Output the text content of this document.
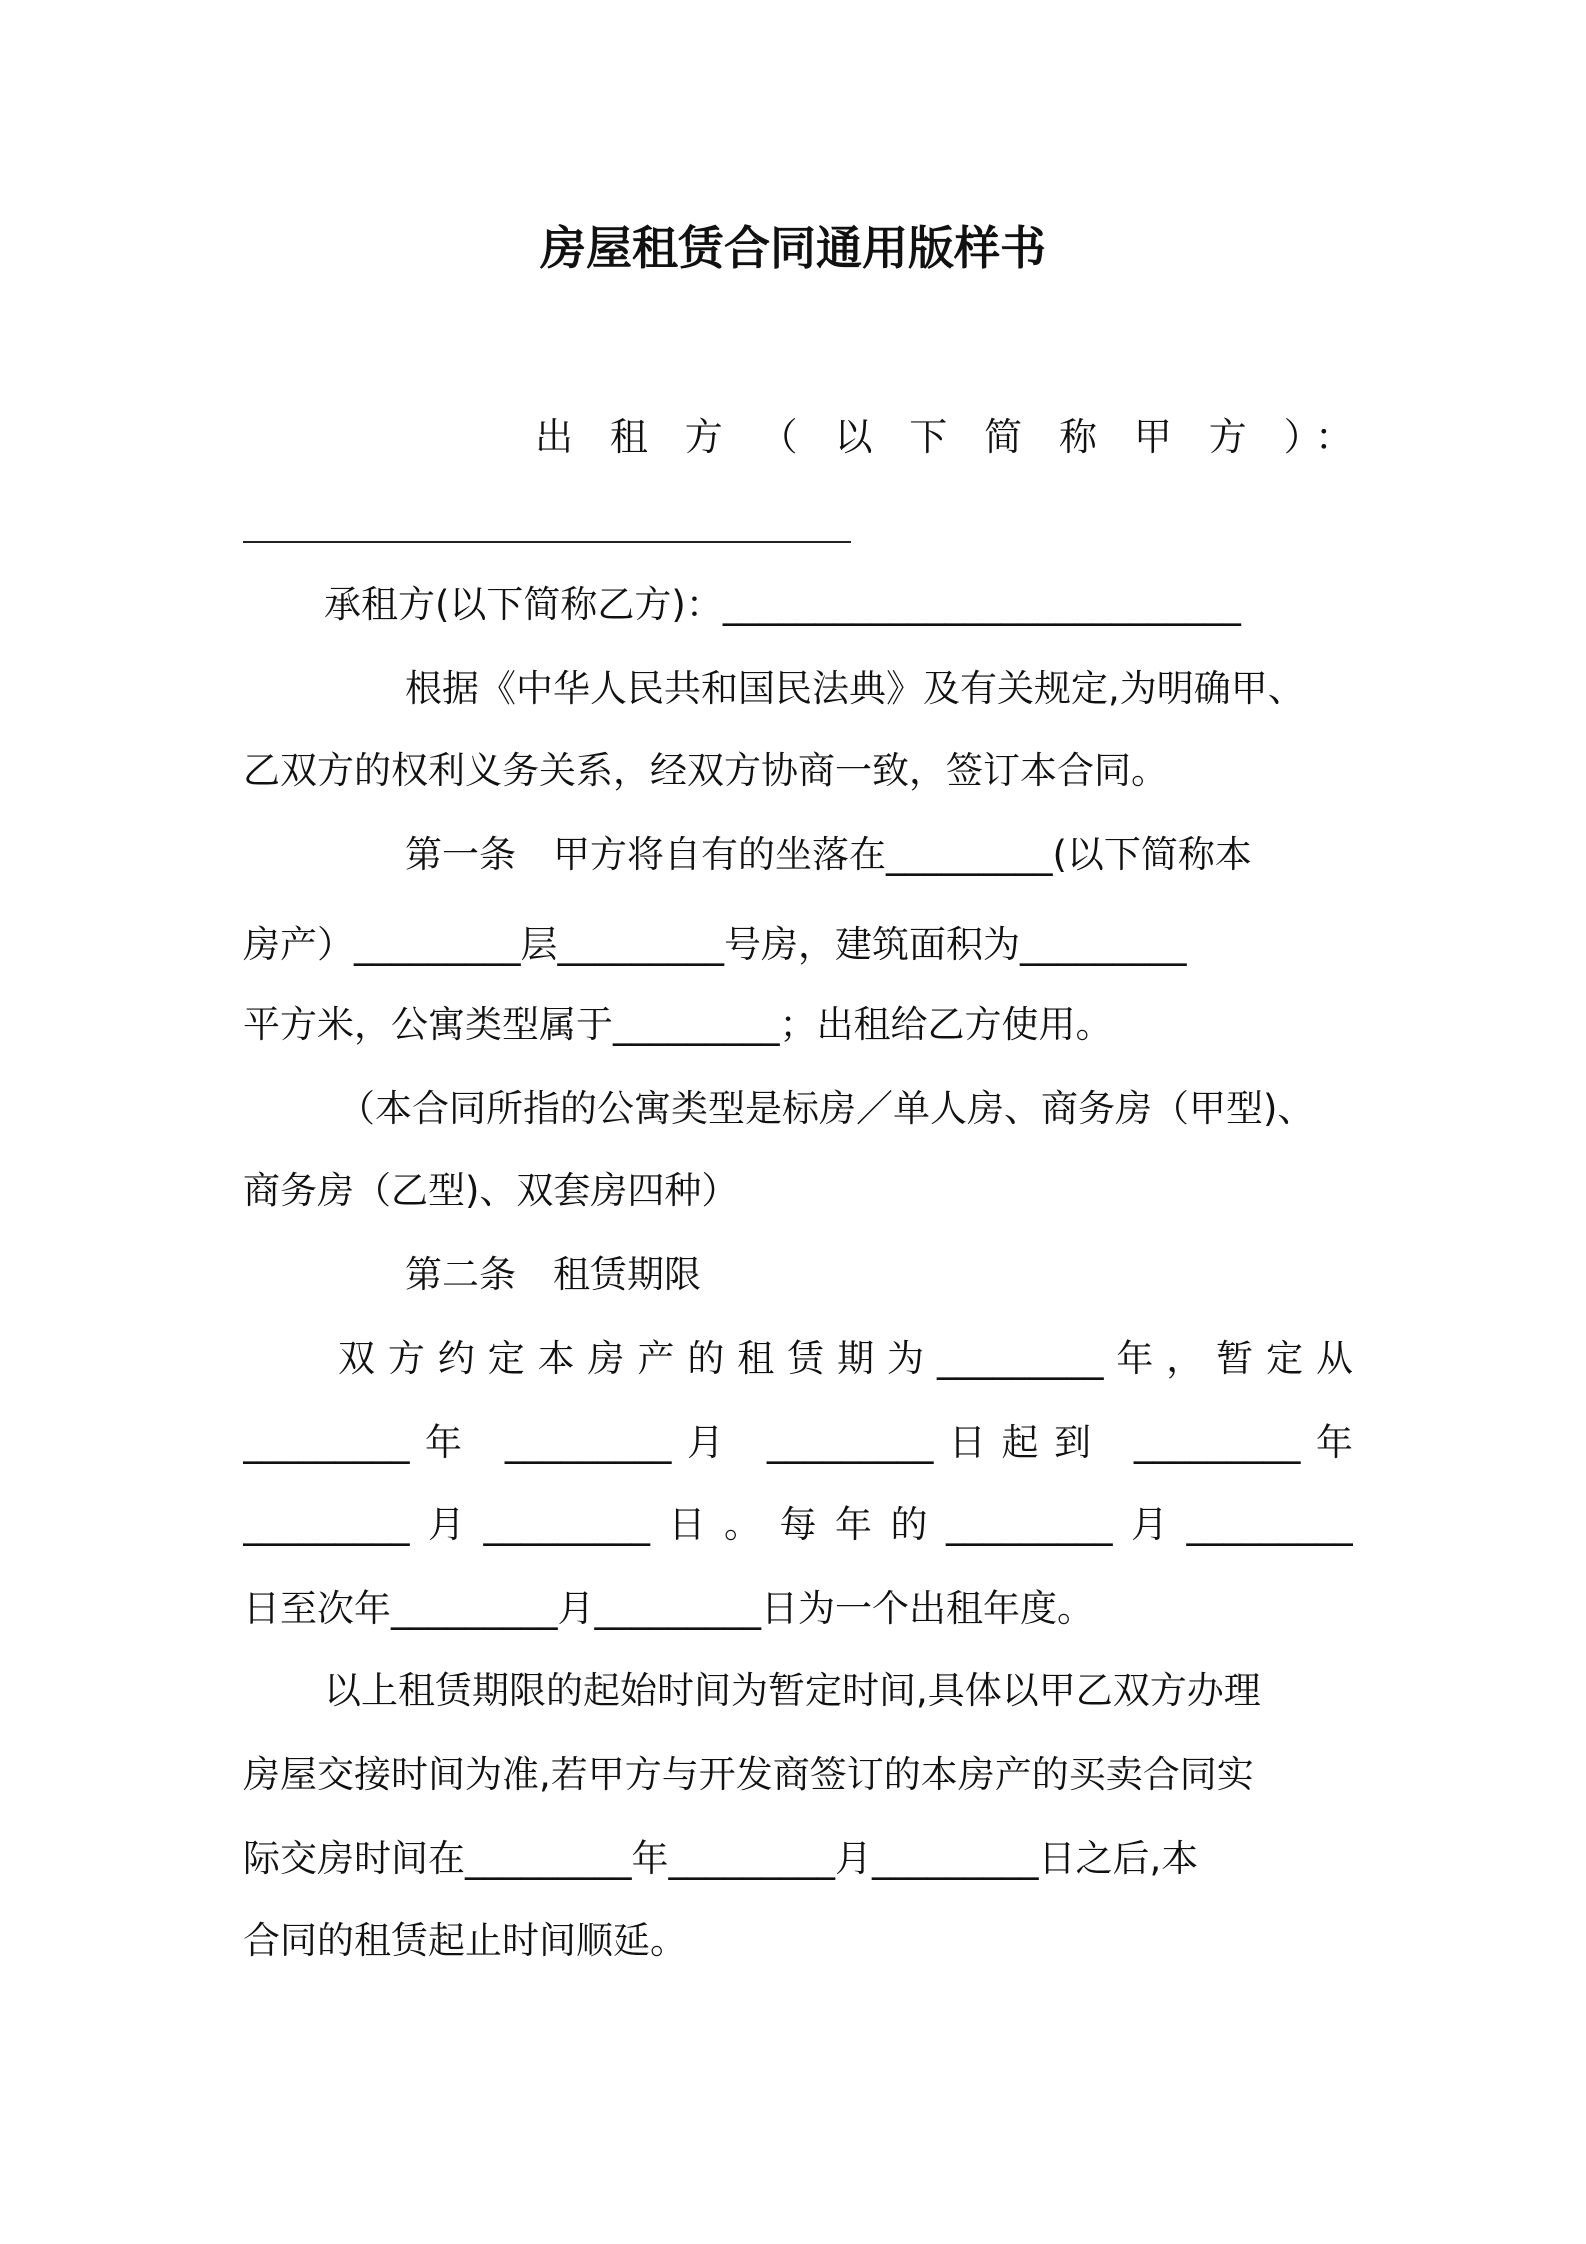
房屋租赁合同通用版样书
出 租 方 （ 以 下 简 称 甲 方 ）：
承租方(以下简称乙方)：____________________________
根据《中华人民共和国民法典》及有关规定,为明确甲、
乙双方的权利义务关系，经双方协商一致，签订本合同。
第一条　甲方将自有的坐落在_________(以下简称本
房产）_________层_________号房，建筑面积为_________
平方米，公寓类型属于_________；出租给乙方使用。
（本合同所指的公寓类型是标房／单人房、商务房（甲型)、
商务房（乙型)、双套房四种）
第二条　租赁期限
双方约定本房产的租赁期为_________年，暂定从
_________年 _________月 _________日起到 _________年
_________月_________日。每年的_________月_________
日至次年_________月_________日为一个出租年度。
以上租赁期限的起始时间为暂定时间,具体以甲乙双方办理
房屋交接时间为准,若甲方与开发商签订的本房产的买卖合同实
际交房时间在_________年_________月_________日之后,本
合同的租赁起止时间顺延。
